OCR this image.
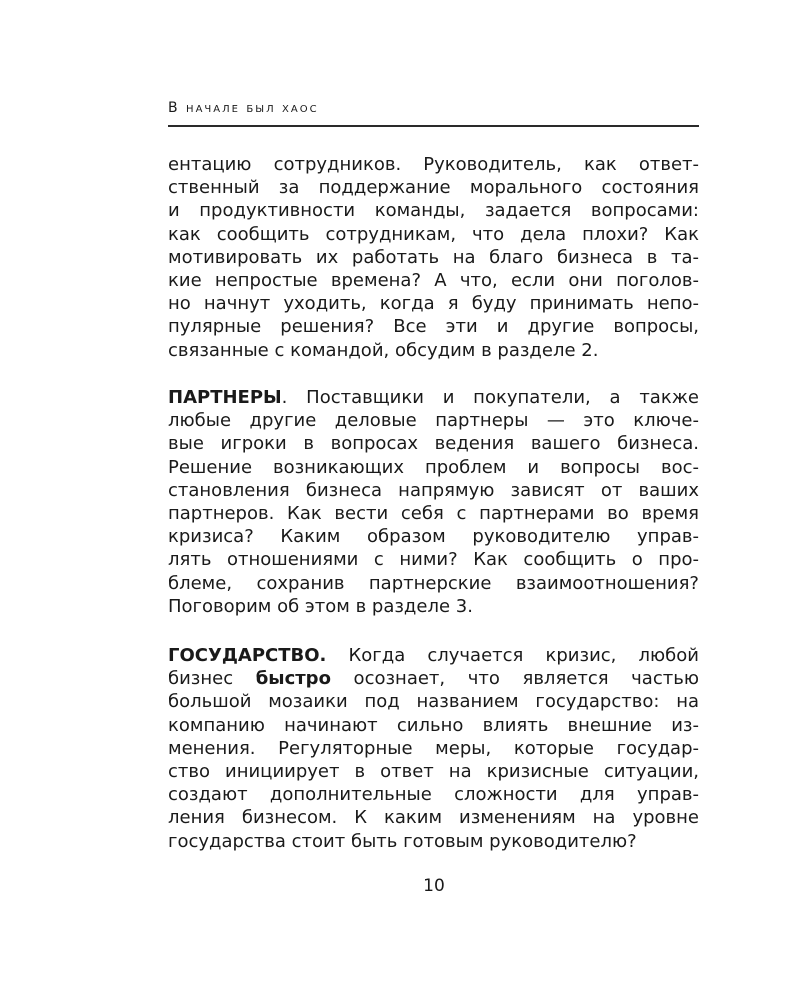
В начале был хаос
ентацию сотрудников. Руководитель, как ответ-
ственный за поддержание морального состояния
и продуктивности команды, задается вопросами:
как сообщить сотрудникам, что дела плохи? Как
мотивировать их работать на благо бизнеса в та-
кие непростые времена? А что, если они поголов-
но начнут уходить, когда я буду принимать непо-
пулярные решения? Все эти и другие вопросы,
связанные с командой, обсудим в разделе 2.
ПАРТНЕРЫ. Поставщики и покупатели, а также
любые другие деловые партнеры — это ключе-
вые игроки в вопросах ведения вашего бизнеса.
Решение возникающих проблем и вопросы вос-
становления бизнеса напрямую зависят от ваших
партнеров. Как вести себя с партнерами во время
кризиса? Каким образом руководителю управ-
лять отношениями с ними? Как сообщить о про-
блеме, сохранив партнерские взаимоотношения?
Поговорим об этом в разделе 3.
ГОСУДАРСТВО. Когда случается кризис, любой
бизнес быстро осознает, что является частью
большой мозаики под названием государство: на
компанию начинают сильно влиять внешние из-
менения. Регуляторные меры, которые государ-
ство инициирует в ответ на кризисные ситуации,
создают дополнительные сложности для управ-
ления бизнесом. К каким изменениям на уровне
государства стоит быть готовым руководителю?
10
